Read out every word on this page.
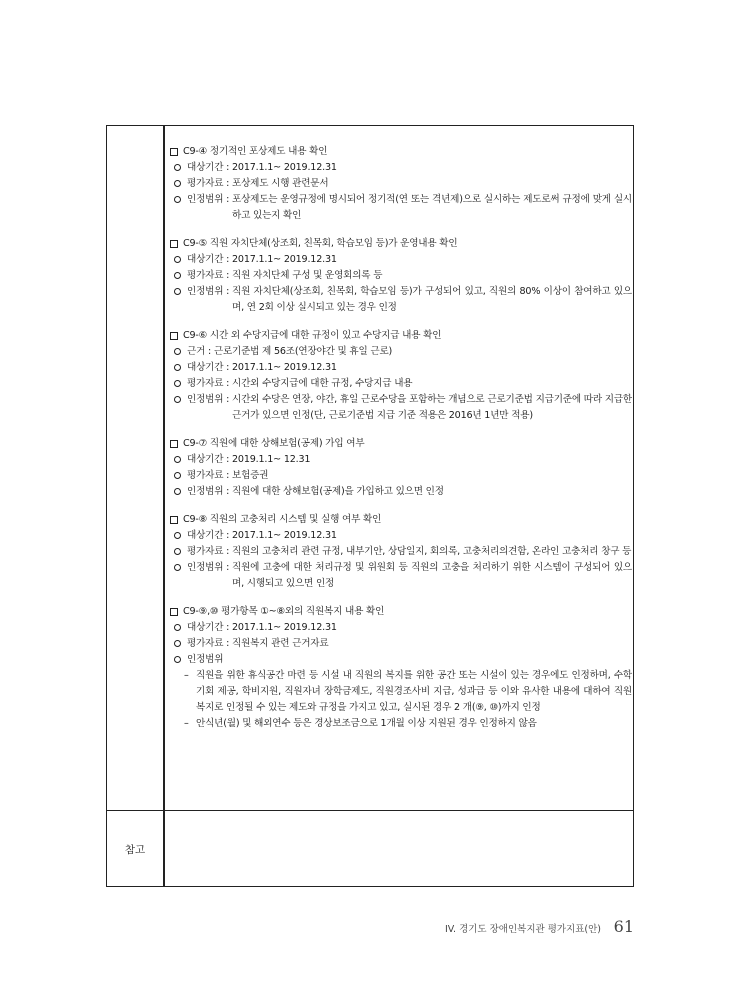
참고
C9-④ 정기적인 포상제도 내용 확인
대상기간 : 2017.1.1~ 2019.12.31
평가자료 : 포상제도 시행 관련문서
인정범위 : 포상제도는 운영규정에 명시되어 정기적(연 또는 격년제)으로 실시하는 제도로써 규정에 맞게 실시하고 있는지 확인
C9-⑤ 직원 자치단체(상조회, 친목회, 학습모임 등)가 운영내용 확인
대상기간 : 2017.1.1~ 2019.12.31
평가자료 : 직원 자치단체 구성 및 운영회의록 등
인정범위 : 직원 자치단체(상조회, 친목회, 학습모임 등)가 구성되어 있고, 직원의 80% 이상이 참여하고 있으며, 연 2회 이상 실시되고 있는 경우 인정
C9-⑥ 시간 외 수당지급에 대한 규정이 있고 수당지급 내용 확인
근거 : 근로기준법 제 56조(연장야간 및 휴일 근로)
대상기간 : 2017.1.1~ 2019.12.31
평가자료 : 시간외 수당지급에 대한 규정, 수당지급 내용
인정범위 : 시간외 수당은 연장, 야간, 휴일 근로수당을 포함하는 개념으로 근로기준법 지급기준에 따라 지급한 근거가 있으면 인정(단, 근로기준법 지급 기준 적용은 2016년 1년만 적용)
C9-⑦ 직원에 대한 상해보험(공제) 가입 여부
대상기간 : 2019.1.1~ 12.31
평가자료 : 보험증권
인정범위 : 직원에 대한 상해보험(공제)을 가입하고 있으면 인정
C9-⑧ 직원의 고충처리 시스템 및 실행 여부 확인
대상기간 : 2017.1.1~ 2019.12.31
평가자료 : 직원의 고충처리 관련 규정, 내부기안, 상담일지, 회의록, 고충처리의견함, 온라인 고충처리 창구 등
인정범위 : 직원에 고충에 대한 처리규정 및 위원회 등 직원의 고충을 처리하기 위한 시스템이 구성되어 있으며, 시행되고 있으면 인정
C9-⑨,⑩ 평가항목 ①~⑧외의 직원복지 내용 확인
대상기간 : 2017.1.1~ 2019.12.31
평가자료 : 직원복지 관련 근거자료
인정범위
– 직원을 위한 휴식공간 마련 등 시설 내 직원의 복지를 위한 공간 또는 시설이 있는 경우에도 인정하며, 수학기회 제공, 학비지원, 직원자녀 장학금제도, 직원경조사비 지급, 성과급 등 이와 유사한 내용에 대하여 직원복지로 인정될 수 있는 제도와 규정을 가지고 있고, 실시된 경우 2 개(⑨, ⑩)까지 인정
– 안식년(월) 및 해외연수 등은 경상보조금으로 1개월 이상 지원된 경우 인정하지 않음
IV. 경기도 장애인복지관 평가지표(안) 61
